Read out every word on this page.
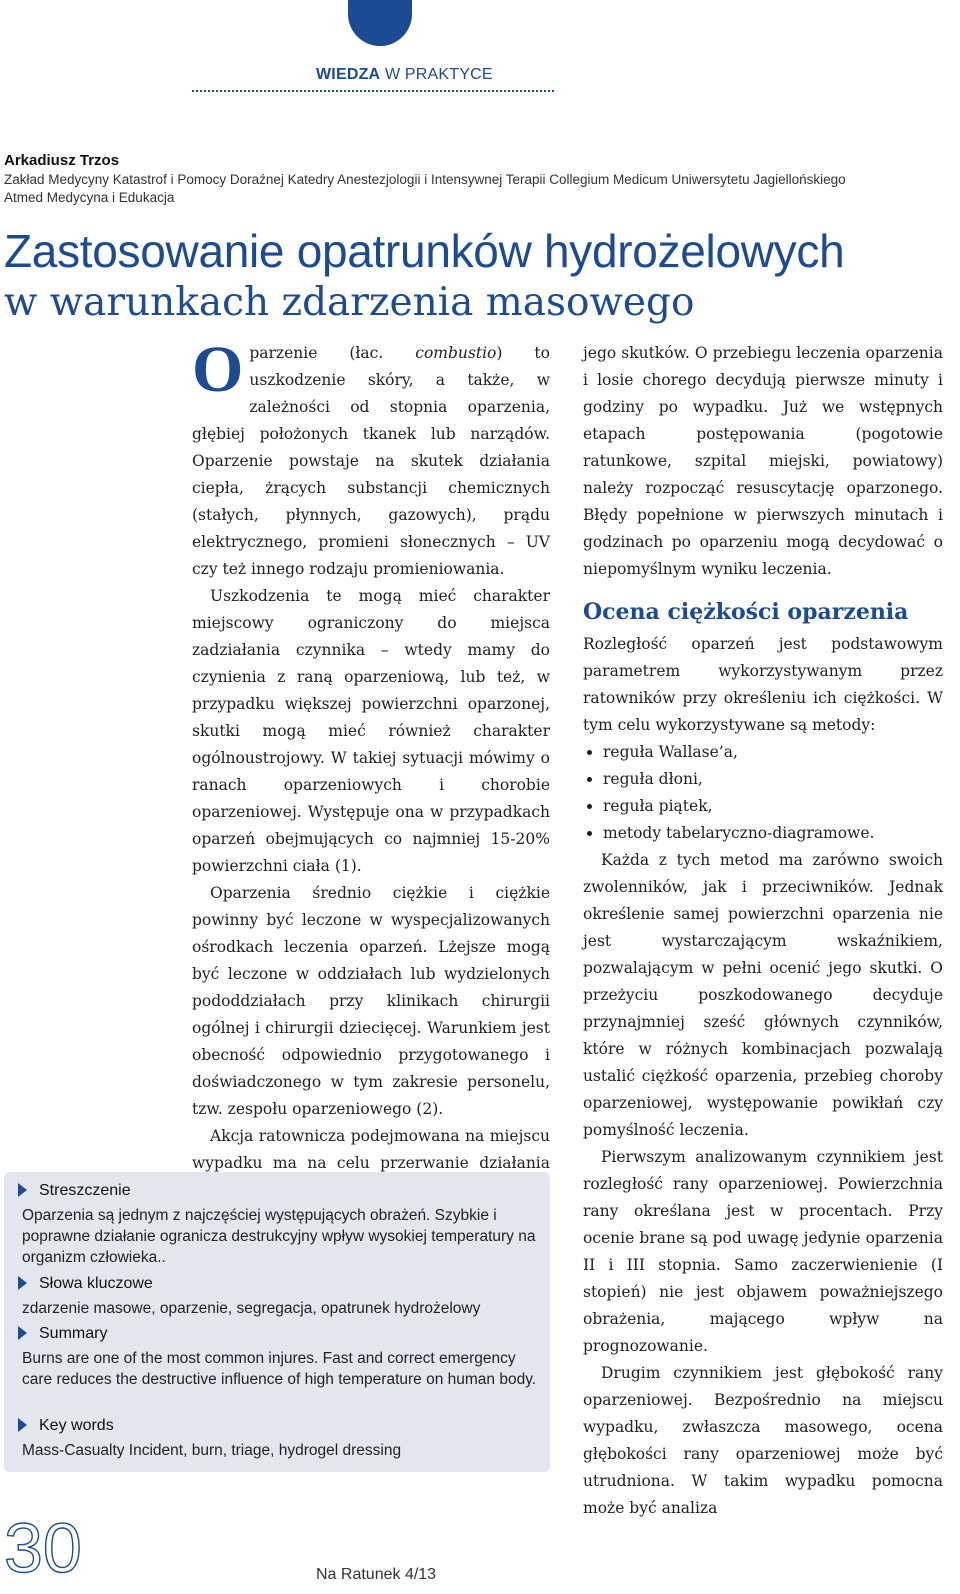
WIEDZA W PRAKTYCE
Arkadiusz Trzos
Zakład Medycyny Katastrof i Pomocy Doraźnej Katedry Anestezjologii i Intensywnej Terapii Collegium Medicum Uniwersytetu Jagiellońskiego
Atmed Medycyna i Edukacja
Zastosowanie opatrunków hydrożelowych
w warunkach zdarzenia masowego

Oparzenie (łac. combustio) to uszkodzenie skóry, a także, w zależności od stopnia oparzenia, głębiej położonych tkanek lub narządów. Oparzenie powstaje na skutek działania ciepła, żrących substancji chemicznych (stałych, płynnych, gazowych), prądu elektrycznego, promieni słonecznych – UV czy też innego rodzaju promieniowania.

Uszkodzenia te mogą mieć charakter miejscowy ograniczony do miejsca zadziałania czynnika – wtedy mamy do czynienia z raną oparzeniową, lub też, w przypadku większej powierzchni oparzonej, skutki mogą mieć również charakter ogólnoustrojowy. W takiej sytuacji mówimy o ranach oparzeniowych i chorobie oparzeniowej. Występuje ona w przypadkach oparzeń obejmujących co najmniej 15-20% powierzchni ciała (1).

Oparzenia średnio ciężkie i ciężkie powinny być leczone w wyspecjalizowanych ośrodkach leczenia oparzeń. Lżejsze mogą być leczone w oddziałach lub wydzielonych pododdziałach przy klinikach chirurgii ogólnej i chirurgii dziecięcej. Warunkiem jest obecność odpowiednio przygotowanego i doświadczonego w tym zakresie personelu, tzw. zespołu oparzeniowego (2).

Akcja ratownicza podejmowana na miejscu wypadku ma na celu przerwanie działania

jego skutków. O przebiegu leczenia oparzenia i losie chorego decydują pierwsze minuty i godziny po wypadku. Już we wstępnych etapach postępowania (pogotowie ratunkowe, szpital miejski, powiatowy) należy rozpocząć resuscytację oparzonego. Błędy popełnione w pierwszych minutach i godzinach po oparzeniu mogą decydować o niepomyślnym wyniku leczenia.

Ocena ciężkości oparzenia

Rozległość oparzeń jest podstawowym parametrem wykorzystywanym przez ratowników przy określeniu ich ciężkości. W tym celu wykorzystywane są metody:

• reguła Wallase’a,
• reguła dłoni,
• reguła piątek,
• metody tabelaryczno-diagramowe.

Każda z tych metod ma zarówno swoich zwolenników, jak i przeciwników. Jednak określenie samej powierzchni oparzenia nie jest wystarczającym wskaźnikiem, pozwalającym w pełni ocenić jego skutki. O przeżyciu poszkodowanego decyduje przynajmniej sześć głównych czynników, które w różnych kombinacjach pozwalają ustalić ciężkość oparzenia, przebieg choroby oparzeniowej, występowanie powikłań czy pomyślność leczenia.

Pierwszym analizowanym czynnikiem jest rozległość rany oparzeniowej. Powierzchnia rany określana jest w procentach. Przy ocenie brane są pod uwagę jedynie oparzenia II i III stopnia. Samo zaczerwienienie (I stopień) nie jest objawem poważniejszego obrażenia, mającego wpływ na prognozowanie.

Drugim czynnikiem jest głębokość rany oparzeniowej. Bezpośrednio na miejscu wypadku, zwłaszcza masowego, ocena głębokości rany oparzeniowej może być utrudniona. W takim wypadku pomocna może być analiza

Streszczenie
Oparzenia są jednym z najczęściej występujących obrażeń. Szybkie i poprawne działanie ogranicza destrukcyjny wpływ wysokiej temperatury na organizm człowieka..
Słowa kluczowe
zdarzenie masowe, oparzenie, segregacja, opatrunek hydrożelowy
Summary
Burns are one of the most common injures. Fast and correct emergency care reduces the destructive influence of high temperature on human body.
Key words
Mass-Casualty Incident, burn, triage, hydrogel dressing
30	Na Ratunek 4/13
